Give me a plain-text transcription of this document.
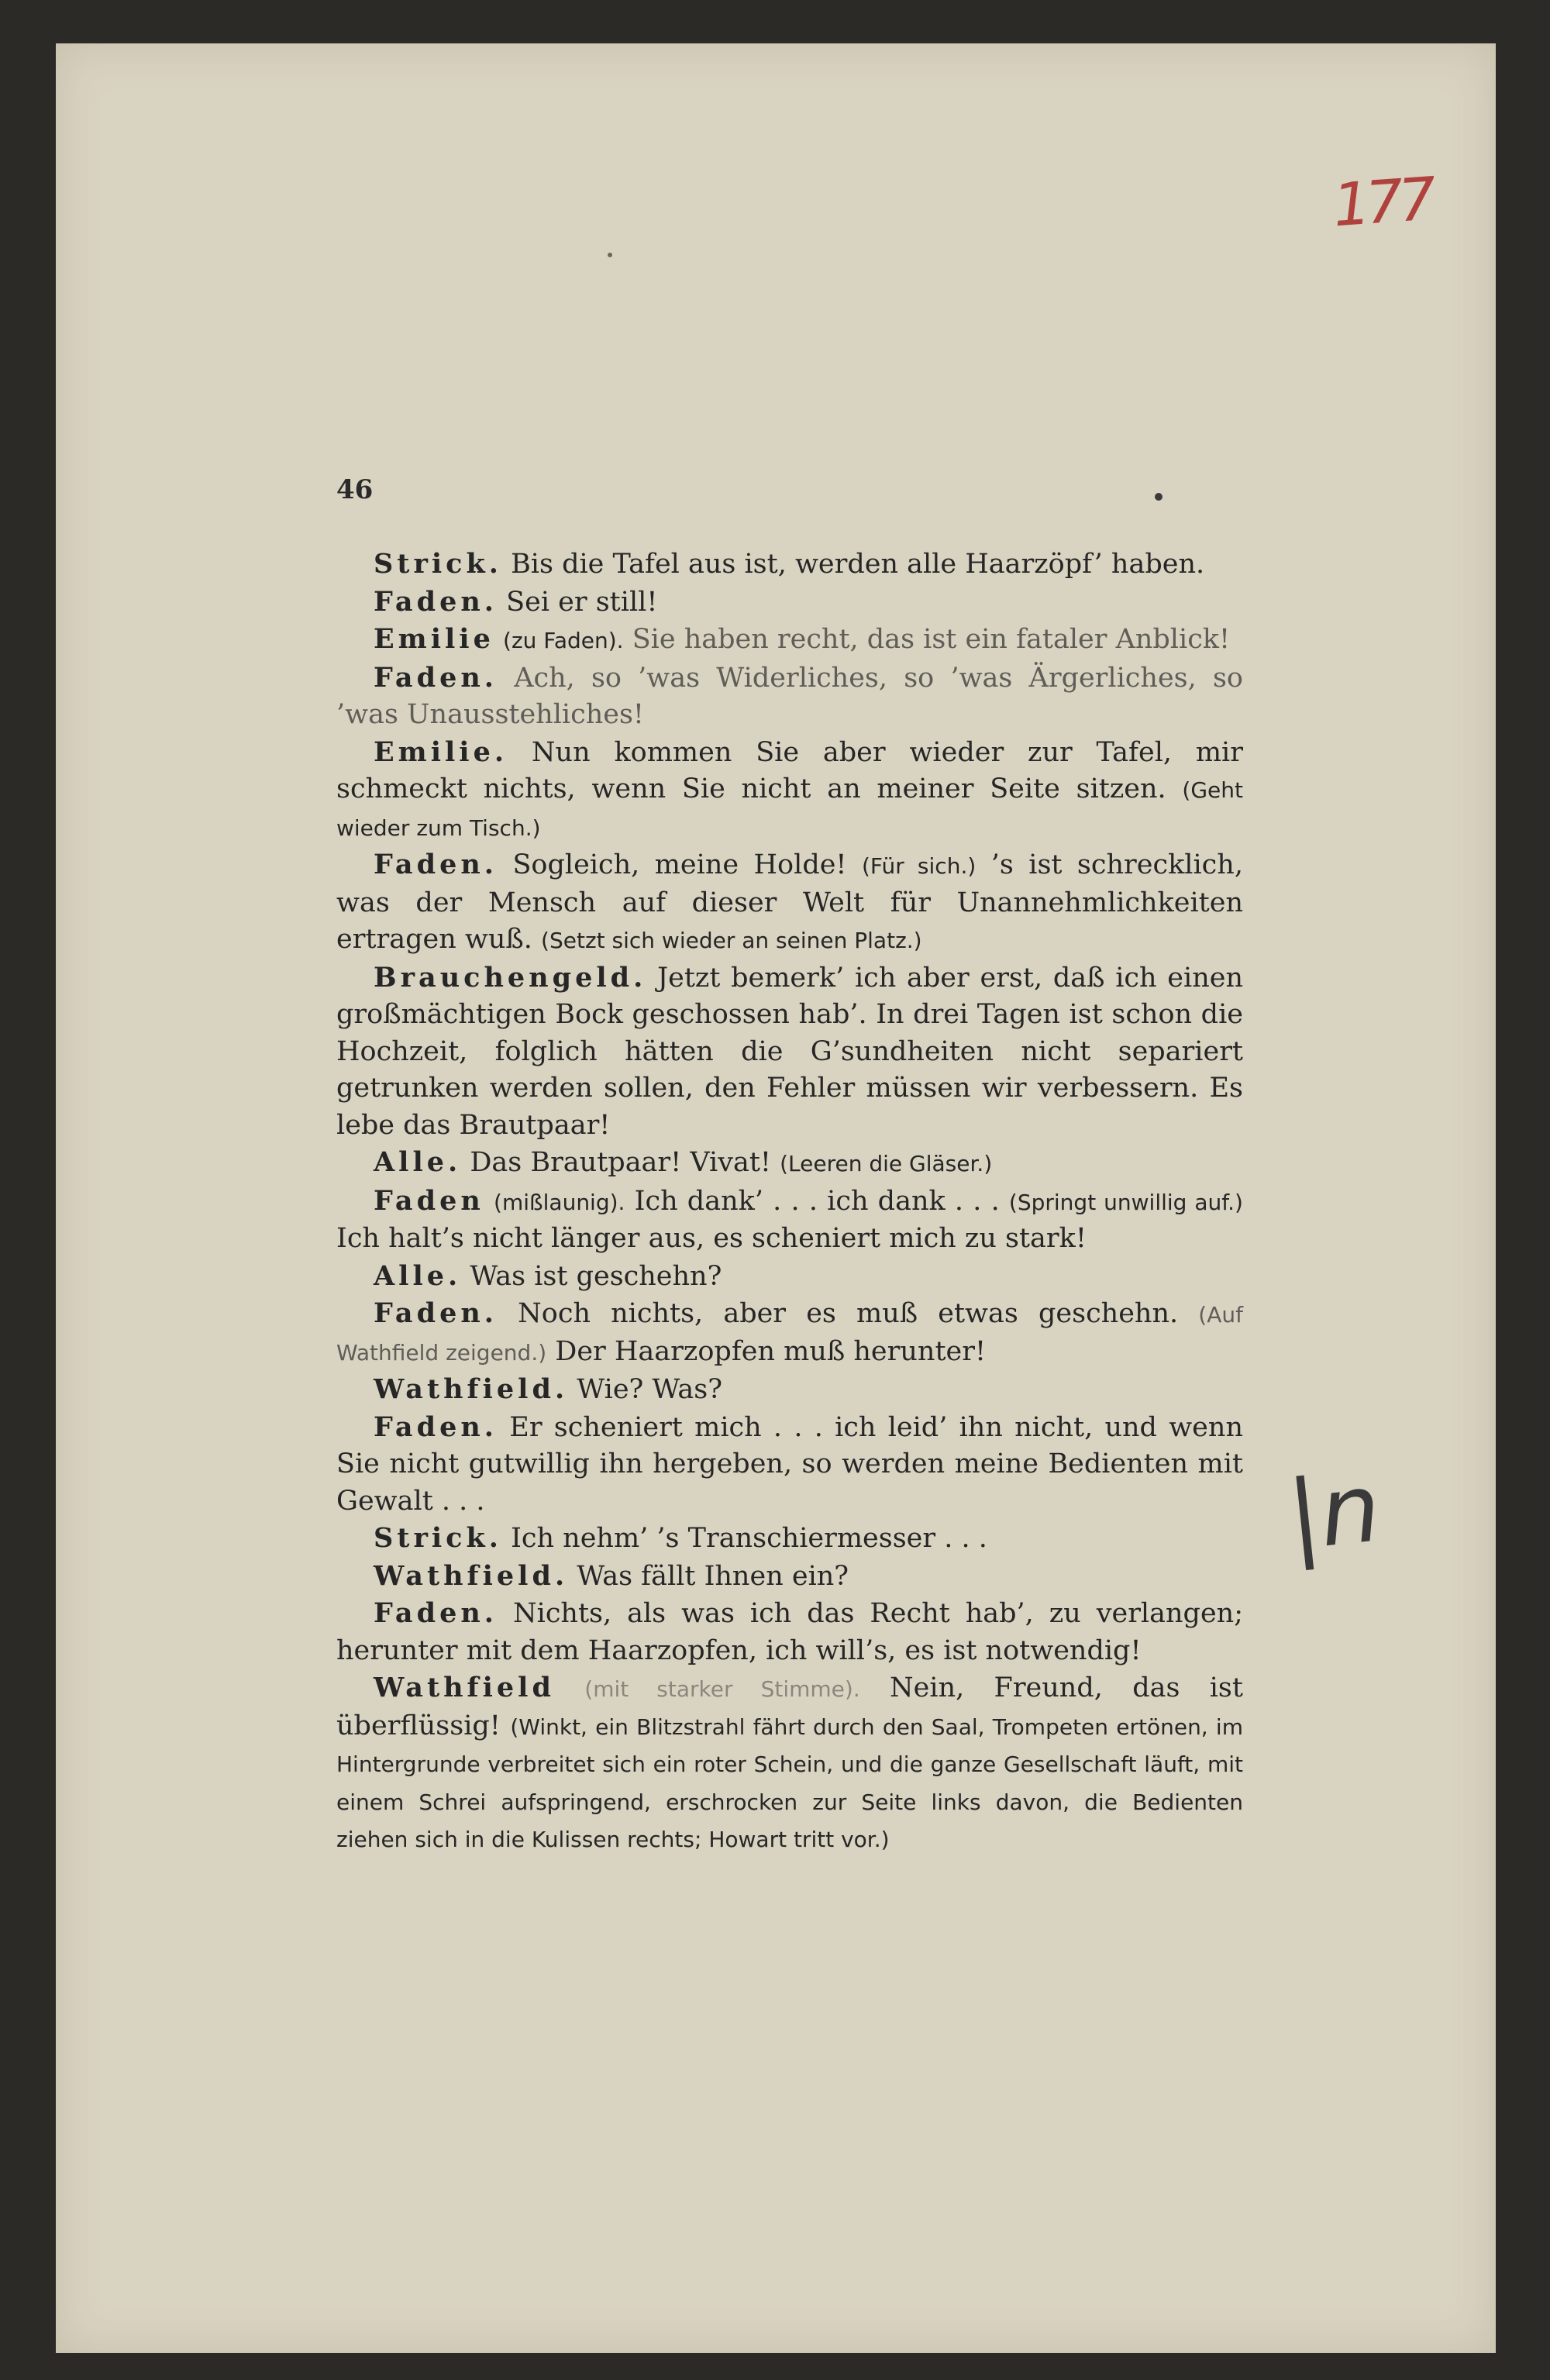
177
46
|n

Strick. Bis die Tafel aus ist, werden alle Haarzöpf’ haben.

Faden. Sei er still!

Emilie (zu Faden). Sie haben recht, das ist ein fataler Anblick!

Faden. Ach, so ’was Widerliches, so ’was Ärgerliches, so ’was Unausstehliches!

Emilie. Nun kommen Sie aber wieder zur Tafel, mir schmeckt nichts, wenn Sie nicht an meiner Seite sitzen. (Geht wieder zum Tisch.)

Faden. Sogleich, meine Holde! (Für sich.) ’s ist schrecklich, was der Mensch auf dieser Welt für Unannehmlichkeiten ertragen wuß. (Setzt sich wieder an seinen Platz.)

Brauchengeld. Jetzt bemerk’ ich aber erst, daß ich einen großmächtigen Bock geschossen hab’. In drei Tagen ist schon die Hochzeit, folglich hätten die G’sundheiten nicht separiert getrunken werden sollen, den Fehler müssen wir verbessern. Es lebe das Brautpaar!

Alle. Das Brautpaar! Vivat! (Leeren die Gläser.)

Faden (mißlaunig). Ich dank’ . . . ich dank . . . (Springt unwillig auf.) Ich halt’s nicht länger aus, es scheniert mich zu stark!

Alle. Was ist geschehn?

Faden. Noch nichts, aber es muß etwas geschehn. (Auf Wathfield zeigend.) Der Haarzopfen muß herunter!

Wathfield. Wie? Was?

Faden. Er scheniert mich . . . ich leid’ ihn nicht, und wenn Sie nicht gutwillig ihn hergeben, so werden meine Bedienten mit Gewalt . . .

Strick. Ich nehm’ ’s Transchiermesser . . .

Wathfield. Was fällt Ihnen ein?

Faden. Nichts, als was ich das Recht hab’, zu verlangen; herunter mit dem Haarzopfen, ich will’s, es ist notwendig!

Wathfield (mit starker Stimme). Nein, Freund, das ist überflüssig! (Winkt, ein Blitzstrahl fährt durch den Saal, Trompeten ertönen, im Hintergrunde verbreitet sich ein roter Schein, und die ganze Gesellschaft läuft, mit einem Schrei aufspringend, erschrocken zur Seite links davon, die Bedienten ziehen sich in die Kulissen rechts; Howart tritt vor.)
